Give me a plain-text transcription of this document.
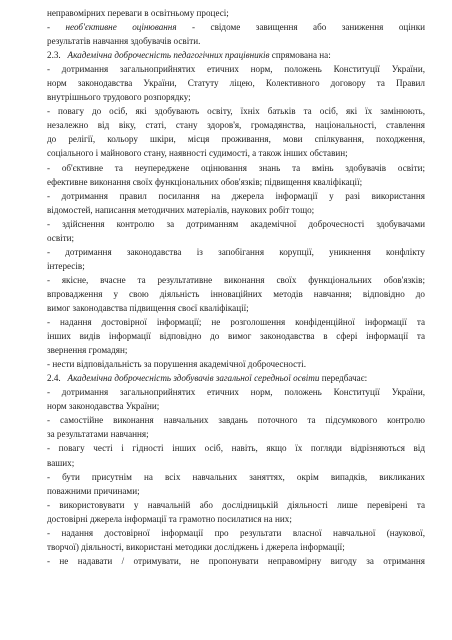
неправомірних переваги в освітньому процесі;
- необ'єктивне оцінювання - свідоме завищення або заниження оцінки
результатів навчання здобувачів освіти.
2.3.   Академічна доброчесність педагогічних працівників спрямована на:
- дотримання загальноприйнятих етичних норм, положень Конституції України,
норм законодавства України, Статуту ліцею, Колективного договору та Правил
внутрішнього трудового розпорядку;
- повагу до осіб, які здобувають освіту, їхніх батьків та осіб, які їх замінюють,
незалежно від віку, статі, стану здоров'я, громадянства, національності, ставлення
до релігії, кольору шкіри, місця проживання, мови спілкування, походження,
соціального і майнового стану, наявності судимості, а також інших обставин;
- об'єктивне та неупереджене оцінювання знань та вмінь здобувачів освіти;
ефективне виконання своїх функціональних обов'язків; підвищення кваліфікації;
- дотримання правил посилання на джерела інформації у разі використання
відомостей, написання методичних матеріалів, наукових робіт тощо;
- здійснення контролю за дотриманням академічної доброчесності здобувачами
освіти;
- дотримання законодавства із запобігання корупції, уникнення конфлікту
інтересів;
- якісне, вчасне та результативне виконання своїх функціональних обов'язків;
впровадження у свою діяльність інноваційних методів навчання; відповідно до
вимог законодавства підвищення своєї кваліфікації;
- надання достовірної інформації; не розголошення конфіденційної інформації та
інших видів інформації відповідно до вимог законодавства в сфері інформації та
звернення громадян;
- нести відповідальність за порушення академічної доброчесності.
2.4.   Академічна доброчесність здобувачів загальної середньої освіти передбачає:
- дотримання загальноприйнятих етичних норм, положень Конституції України,
норм законодавства України;
- самостійне виконання навчальних завдань поточного та підсумкового контролю
за результатами навчання;
- повагу честі і гідності інших осіб, навіть, якщо їх погляди відрізняються від
ваших;
- бути присутнім на всіх навчальних заняттях, окрім випадків, викликаних
поважними причинами;
- використовувати у навчальній або дослідницькій діяльності лише перевірені та
достовірні джерела інформації та грамотно посилатися на них;
- надання достовірної інформації про результати власної навчальної (наукової,
творчої) діяльності, використані методики досліджень і джерела інформації;
- не надавати / отримувати, не пропонувати неправомірну вигоду за отримання
